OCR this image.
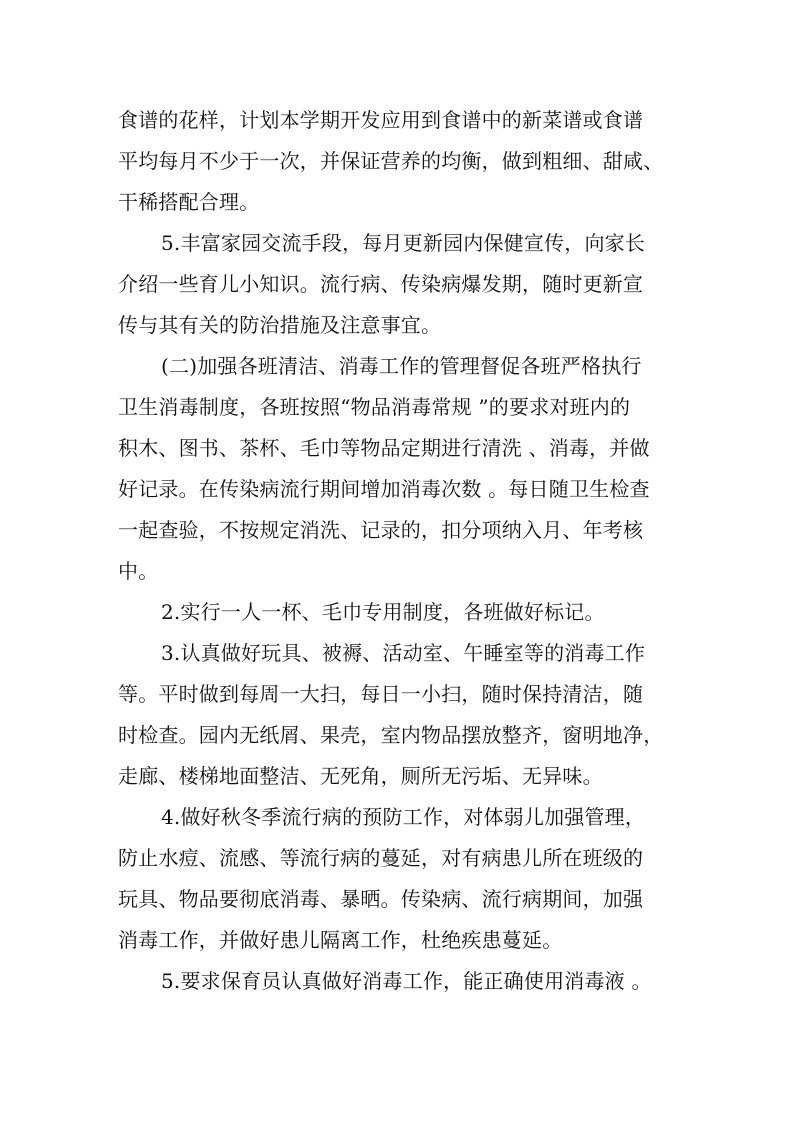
食谱的花样，计划本学期开发应用到食谱中的新菜谱或食谱
平均每月不少于一次，并保证营养的均衡，做到粗细、甜咸、
干稀搭配合理。
5.丰富家园交流手段，每月更新园内保健宣传，向家长
介绍一些育儿小知识。流行病、传染病爆发期，随时更新宣
传与其有关的防治措施及注意事宜。
(二)加强各班清洁、消毒工作的管理督促各班严格执行
卫生消毒制度，各班按照“物品消毒常规 ”的要求对班内的
积木、图书、茶杯、毛巾等物品定期进行清洗 、消毒，并做
好记录。在传染病流行期间增加消毒次数 。每日随卫生检查
一起查验，不按规定消洗、记录的，扣分项纳入月、年考核
中。
2.实行一人一杯、毛巾专用制度，各班做好标记。
3.认真做好玩具、被褥、活动室、午睡室等的消毒工作
等。平时做到每周一大扫，每日一小扫，随时保持清洁，随
时检查。园内无纸屑、果壳，室内物品摆放整齐，窗明地净，
走廊、楼梯地面整洁、无死角，厕所无污垢、无异味。
4.做好秋冬季流行病的预防工作，对体弱儿加强管理，
防止水痘、流感、等流行病的蔓延，对有病患儿所在班级的
玩具、物品要彻底消毒、暴晒。传染病、流行病期间，加强
消毒工作，并做好患儿隔离工作，杜绝疾患蔓延。
5.要求保育员认真做好消毒工作，能正确使用消毒液 。
